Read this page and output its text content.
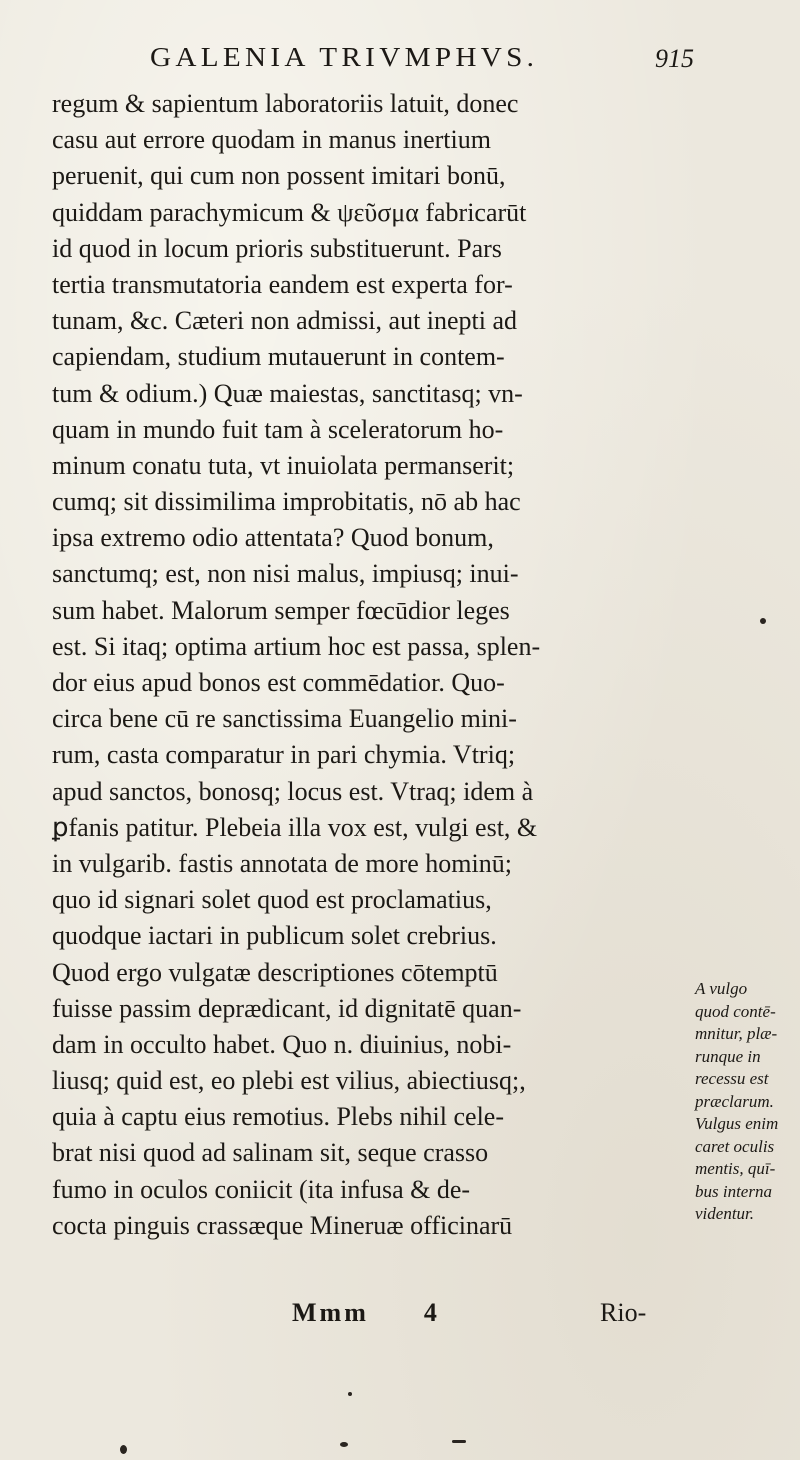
GALENIA TRIVMPHVS.	915
regum & sapientum laboratoriis latuit, donec
casu aut errore quodam in manus inertium
peruenit, qui cum non possent imitari bonū,
quiddam parachymicum & ψεῦσμα fabricarūt
id quod in locum prioris substituerunt. Pars
tertia transmutatoria eandem est experta for-
tunam, &c. Cæteri non admissi, aut inepti ad
capiendam, studium mutauerunt in contem-
tum & odium.) Quæ maiestas, sanctitasq; vn-
quam in mundo fuit tam à sceleratorum ho-
minum conatu tuta, vt inuiolata permanserit;
cumq; sit dissimilima improbitatis, nō ab hac
ipsa extremo odio attentata? Quod bonum,
sanctumq; est, non nisi malus, impiusq; inui-
sum habet. Malorum semper fœcūdior leges
est. Si itaq; optima artium hoc est passa, splen-
dor eius apud bonos est commēdatior. Quo-
circa bene cū re sanctissima Euangelio mini-
rum, casta comparatur in pari chymia. Vtriq;
apud sanctos, bonosq; locus est. Vtraq; idem à
ꝑfanis patitur. Plebeia illa vox est, vulgi est, &
in vulgarib. fastis annotata de more hominū;
quo id signari solet quod est proclamatius,
quodque iactari in publicum solet crebrius.
Quod ergo vulgatæ descriptiones cōtemptū
fuisse passim deprædicant, id dignitatē quan-
dam in occulto habet. Quo n. diuinius, nobi-
liusq; quid est, eo plebi est vilius, abiectiusq;,
quia à captu eius remotius. Plebs nihil cele-
brat nisi quod ad salinam sit, seque crasso
fumo in oculos coniicit (ita infusa & de-
cocta pinguis crassæque Mineruæ officinarū
Mmm 4	Rio-
A vulgo
quod contē-
mnitur, plæ-
runque in
recessu est
præclarum.
Vulgus enim
caret oculis
mentis, quī-
bus interna
videntur.
